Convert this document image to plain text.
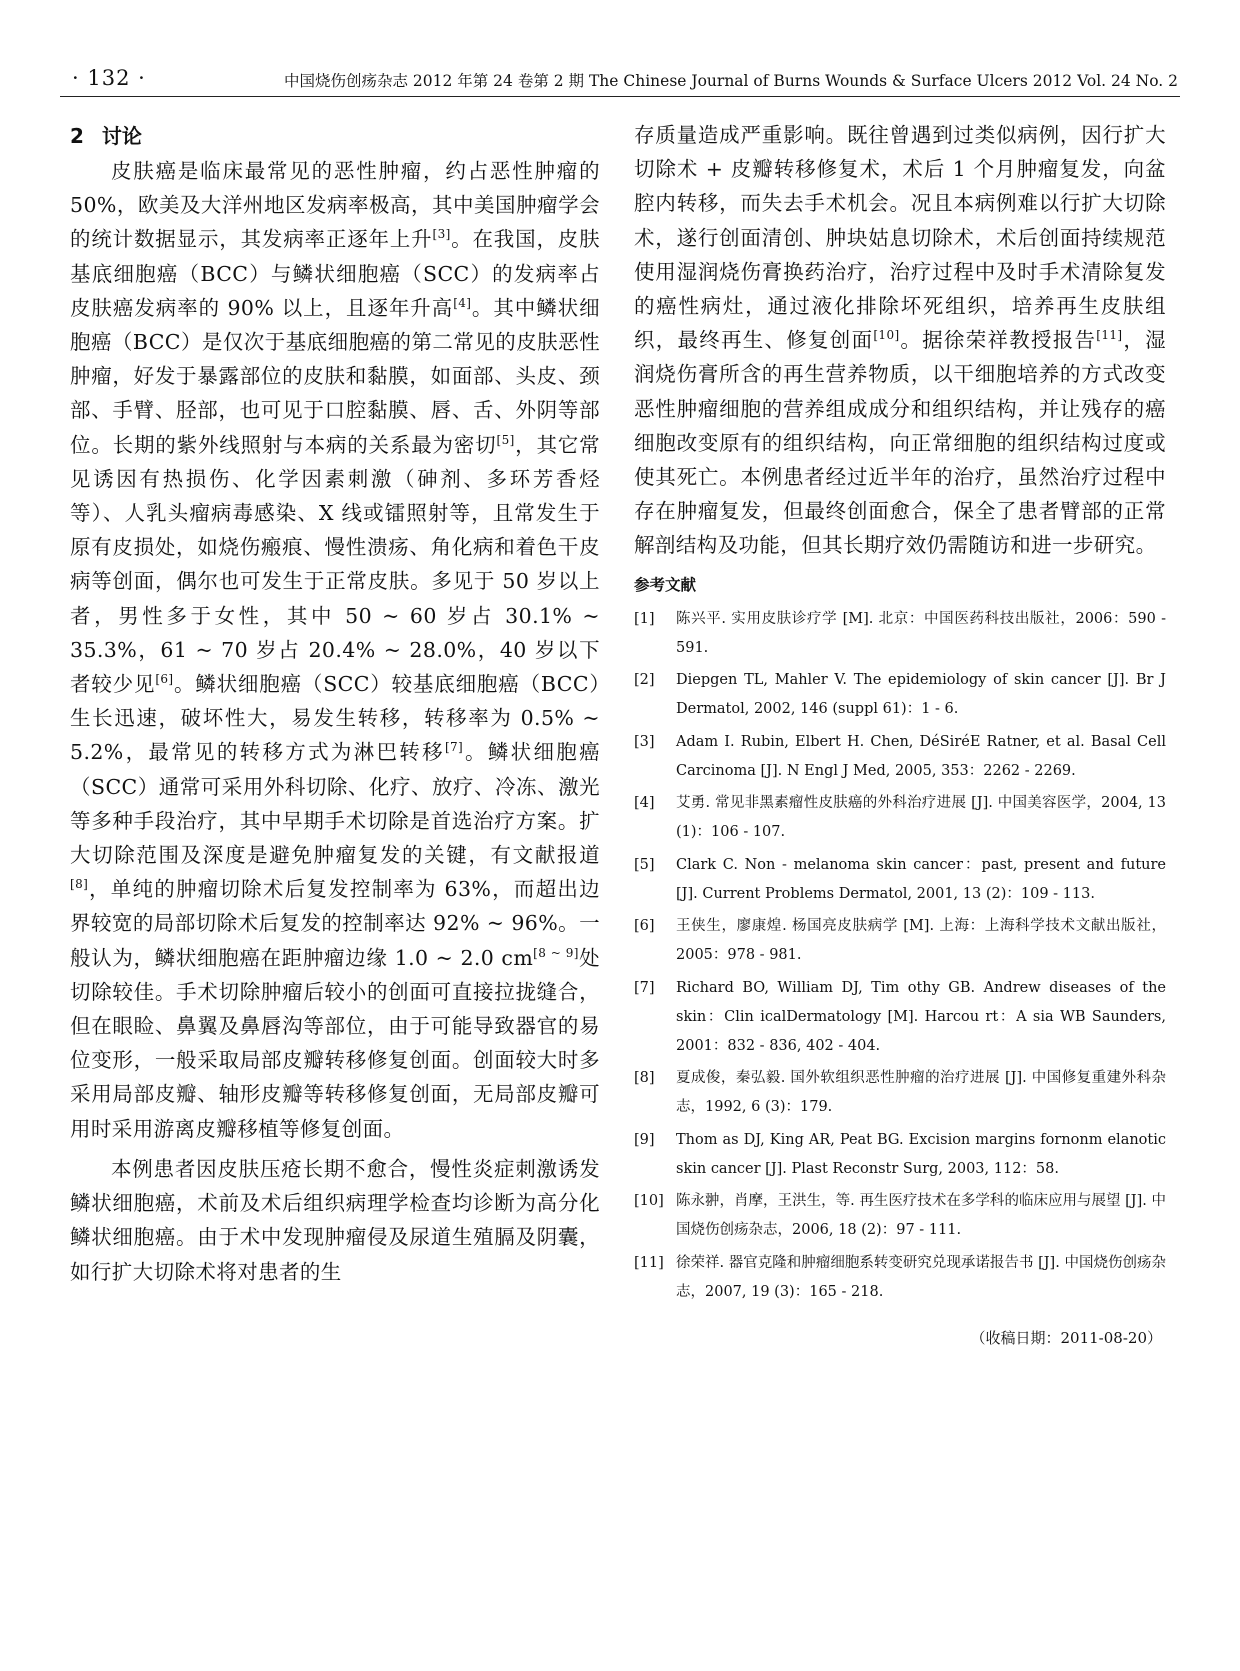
· 132 ·	中国烧伤创疡杂志 2012 年第 24 卷第 2 期 The Chinese Journal of Burns Wounds & Surface Ulcers 2012 Vol. 24 No. 2
2 讨论

皮肤癌是临床最常见的恶性肿瘤，约占恶性肿瘤的 50%，欧美及大洋州地区发病率极高，其中美国肿瘤学会的统计数据显示，其发病率正逐年上升[3]。在我国，皮肤基底细胞癌（BCC）与鳞状细胞癌（SCC）的发病率占皮肤癌发病率的 90% 以上，且逐年升高[4]。其中鳞状细胞癌（BCC）是仅次于基底细胞癌的第二常见的皮肤恶性肿瘤，好发于暴露部位的皮肤和黏膜，如面部、头皮、颈部、手臂、胫部，也可见于口腔黏膜、唇、舌、外阴等部位。长期的紫外线照射与本病的关系最为密切[5]，其它常见诱因有热损伤、化学因素刺激（砷剂、多环芳香烃等）、人乳头瘤病毒感染、X 线或镭照射等，且常发生于原有皮损处，如烧伤瘢痕、慢性溃疡、角化病和着色干皮病等创面，偶尔也可发生于正常皮肤。多见于 50 岁以上者，男性多于女性，其中 50 ~ 60 岁占 30.1% ~ 35.3%，61 ~ 70 岁占 20.4% ~ 28.0%，40 岁以下者较少见[6]。鳞状细胞癌（SCC）较基底细胞癌（BCC）生长迅速，破坏性大，易发生转移，转移率为 0.5% ~ 5.2%，最常见的转移方式为淋巴转移[7]。鳞状细胞癌（SCC）通常可采用外科切除、化疗、放疗、冷冻、激光等多种手段治疗，其中早期手术切除是首选治疗方案。扩大切除范围及深度是避免肿瘤复发的关键，有文献报道[8]，单纯的肿瘤切除术后复发控制率为 63%，而超出边界较宽的局部切除术后复发的控制率达 92% ~ 96%。一般认为，鳞状细胞癌在距肿瘤边缘 1.0 ~ 2.0 cm[8 ~ 9]处切除较佳。手术切除肿瘤后较小的创面可直接拉拢缝合，但在眼睑、鼻翼及鼻唇沟等部位，由于可能导致器官的易位变形，一般采取局部皮瓣转移修复创面。创面较大时多采用局部皮瓣、轴形皮瓣等转移修复创面，无局部皮瓣可用时采用游离皮瓣移植等修复创面。

本例患者因皮肤压疮长期不愈合，慢性炎症刺激诱发鳞状细胞癌，术前及术后组织病理学检查均诊断为高分化鳞状细胞癌。由于术中发现肿瘤侵及尿道生殖膈及阴囊，如行扩大切除术将对患者的生

存质量造成严重影响。既往曾遇到过类似病例，因行扩大切除术 + 皮瓣转移修复术，术后 1 个月肿瘤复发，向盆腔内转移，而失去手术机会。况且本病例难以行扩大切除术，遂行创面清创、肿块姑息切除术，术后创面持续规范使用湿润烧伤膏换药治疗，治疗过程中及时手术清除复发的癌性病灶，通过液化排除坏死组织，培养再生皮肤组织，最终再生、修复创面[10]。据徐荣祥教授报告[11]，湿润烧伤膏所含的再生营养物质，以干细胞培养的方式改变恶性肿瘤细胞的营养组成成分和组织结构，并让残存的癌细胞改变原有的组织结构，向正常细胞的组织结构过度或使其死亡。本例患者经过近半年的治疗，虽然治疗过程中存在肿瘤复发，但最终创面愈合，保全了患者臂部的正常解剖结构及功能，但其长期疗效仍需随访和进一步研究。

参考文献
[1] 陈兴平. 实用皮肤诊疗学 [M]. 北京：中国医药科技出版社，2006：590 - 591.
[2] Diepgen TL, Mahler V. The epidemiology of skin cancer [J]. Br J Dermatol, 2002, 146 (suppl 61)：1 - 6.
[3] Adam I. Rubin, Elbert H. Chen, DéSiréE Ratner, et al. Basal Cell Carcinoma [J]. N Engl J Med, 2005, 353：2262 - 2269.
[4] 艾勇. 常见非黑素瘤性皮肤癌的外科治疗进展 [J]. 中国美容医学，2004, 13 (1)：106 - 107.
[5] Clark C. Non - melanoma skin cancer：past, present and future [J]. Current Problems Dermatol, 2001, 13 (2)：109 - 113.
[6] 王侠生，廖康煌. 杨国亮皮肤病学 [M]. 上海：上海科学技术文献出版社，2005：978 - 981.
[7] Richard BO, William DJ, Tim othy GB. Andrew diseases of the skin：Clin icalDermatology [M]. Harcou rt：A sia WB Saunders, 2001：832 - 836, 402 - 404.
[8] 夏成俊，秦弘毅. 国外软组织恶性肿瘤的治疗进展 [J]. 中国修复重建外科杂志，1992, 6 (3)：179.
[9] Thom as DJ, King AR, Peat BG. Excision margins fornonm elanotic skin cancer [J]. Plast Reconstr Surg, 2003, 112：58.
[10] 陈永翀，肖摩，王洪生，等. 再生医疗技术在多学科的临床应用与展望 [J]. 中国烧伤创疡杂志，2006, 18 (2)：97 - 111.
[11] 徐荣祥. 器官克隆和肿瘤细胞系转变研究兑现承诺报告书 [J]. 中国烧伤创疡杂志，2007, 19 (3)：165 - 218.
（收稿日期：2011-08-20）
